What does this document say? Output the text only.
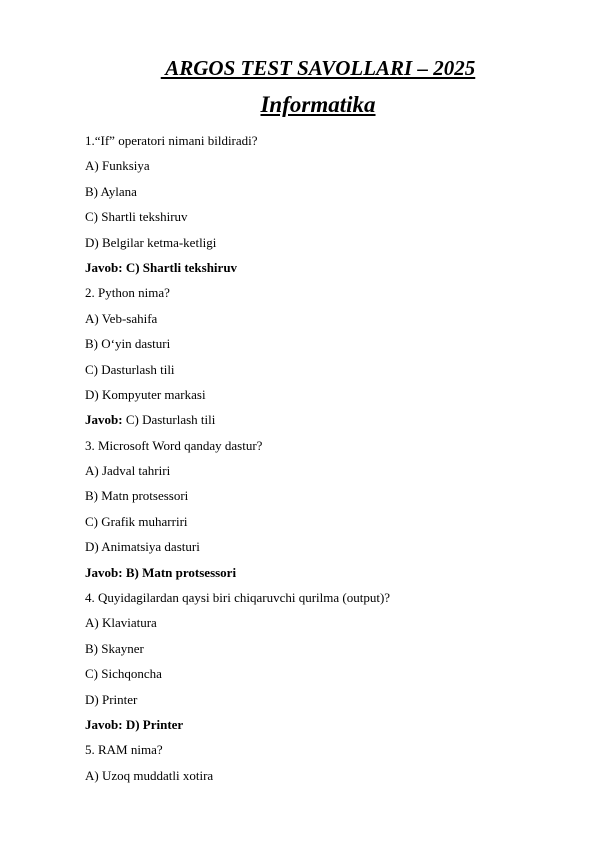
ARGOS TEST SAVOLLARI – 2025
Informatika
1.“If” operatori nimani bildiradi?
A) Funksiya
B) Aylana
C) Shartli tekshiruv
D) Belgilar ketma-ketligi
Javob: C) Shartli tekshiruv
2. Python nima?
A) Veb-sahifa
B) O‘yin dasturi
C) Dasturlash tili
D) Kompyuter markasi
Javob: C) Dasturlash tili
3. Microsoft Word qanday dastur?
A) Jadval tahriri
B) Matn protsessori
C) Grafik muharriri
D) Animatsiya dasturi
Javob: B) Matn protsessori
4. Quyidagilardan qaysi biri chiqaruvchi qurilma (output)?
A) Klaviatura
B) Skayner
C) Sichqoncha
D) Printer
Javob: D) Printer
5. RAM nima?
A) Uzoq muddatli xotira
